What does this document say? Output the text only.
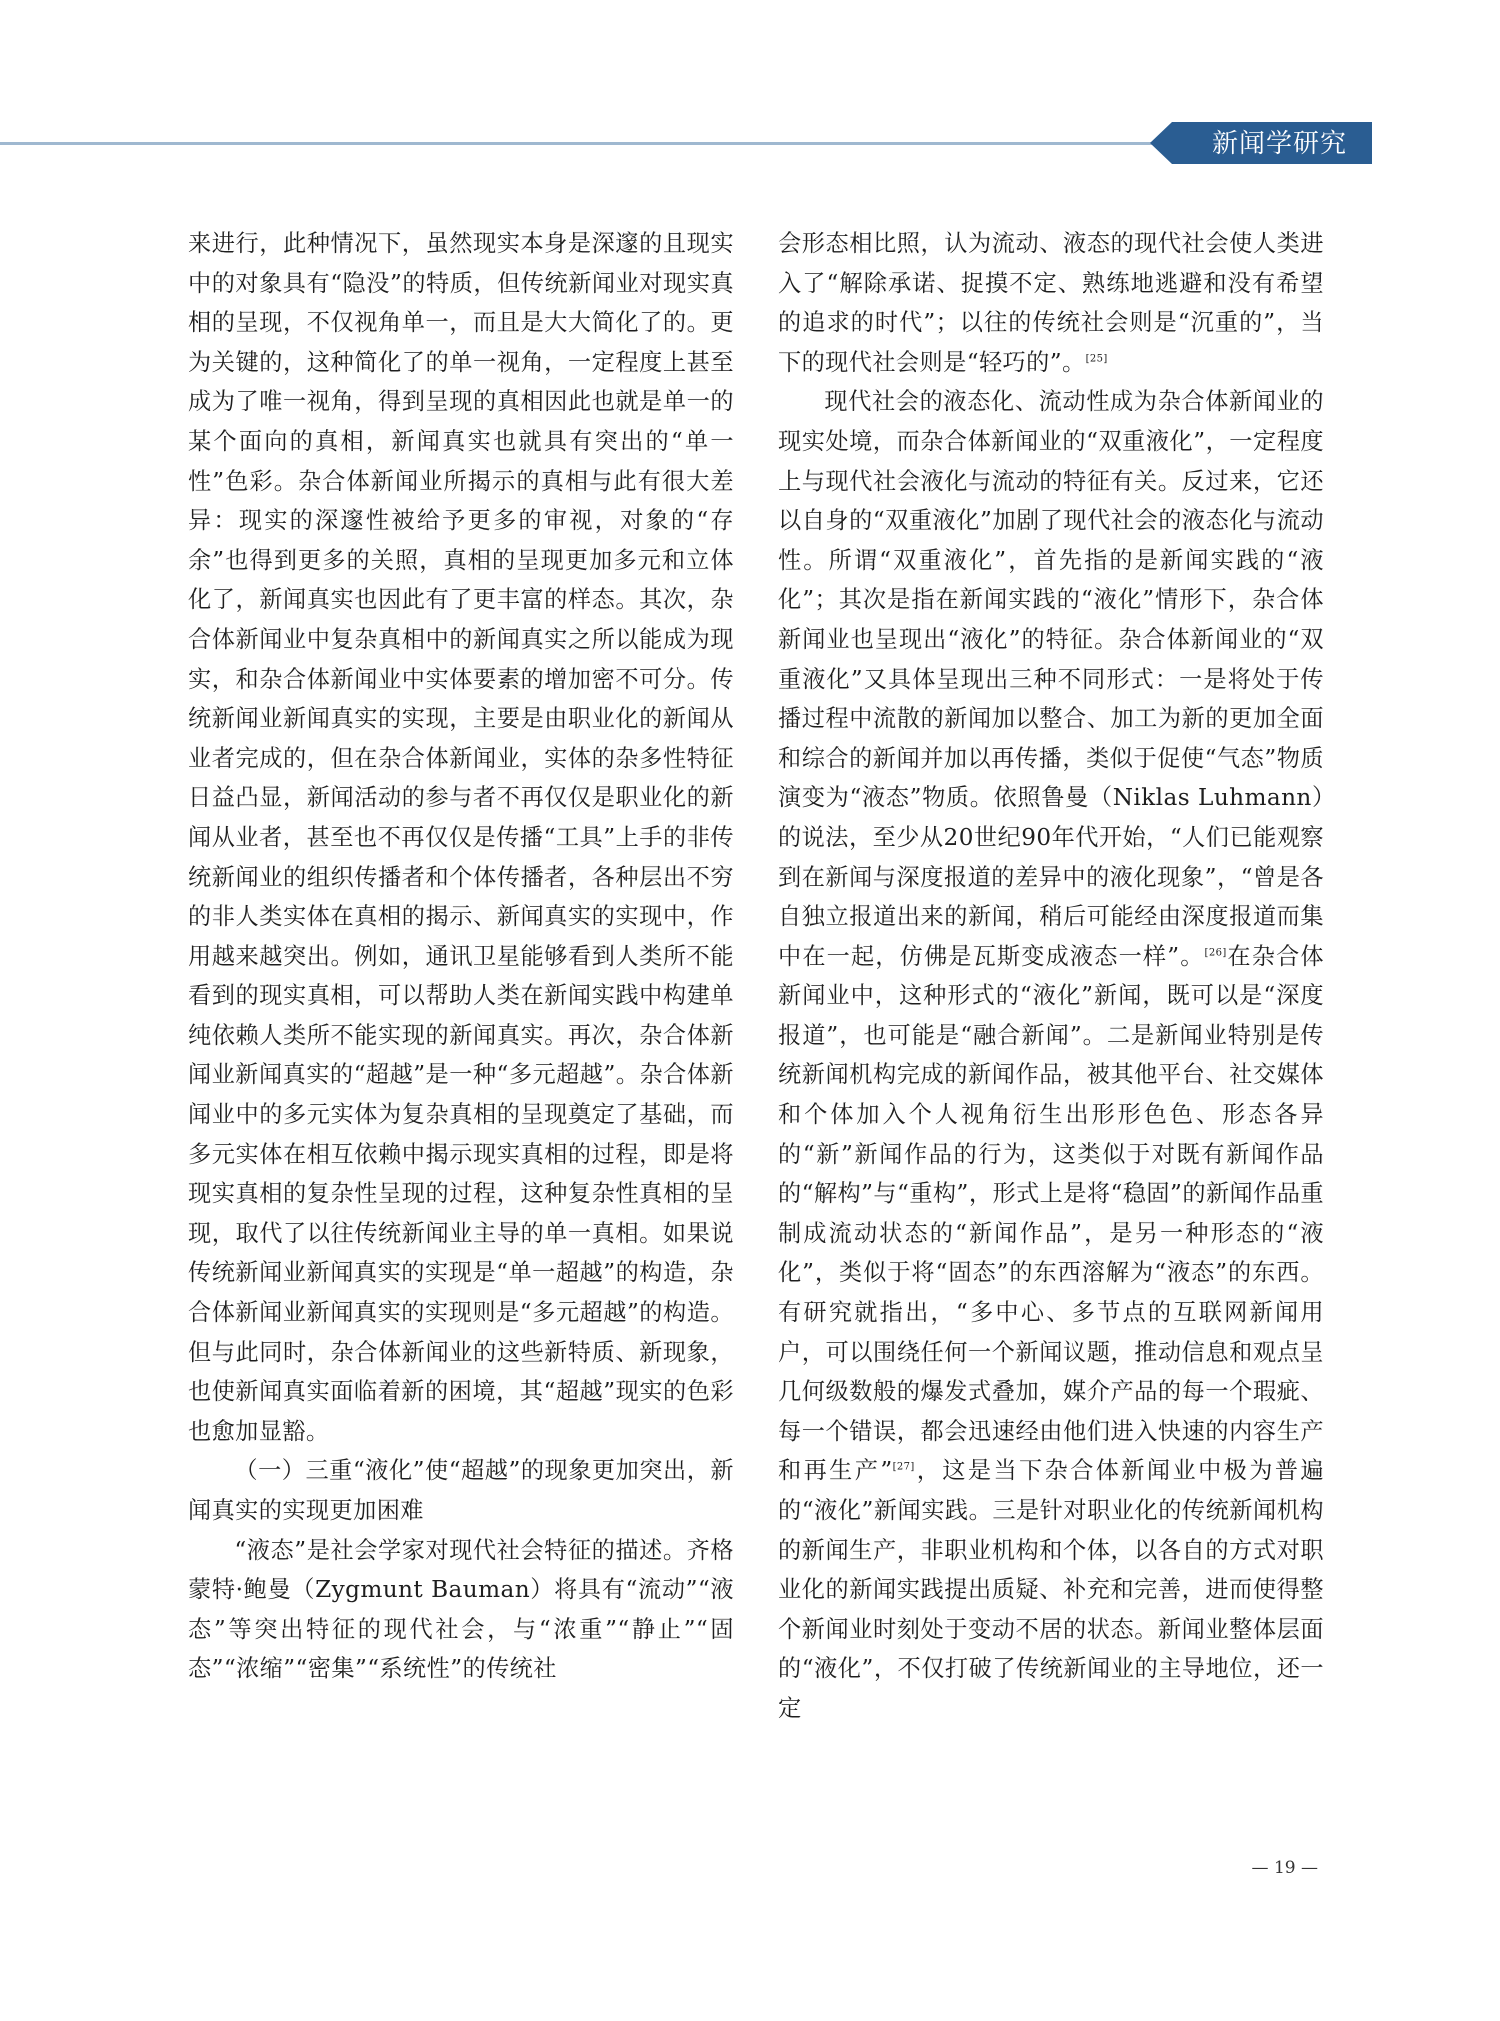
新闻学研究

来进行，此种情况下，虽然现实本身是深邃的且现实中的对象具有“隐没”的特质，但传统新闻业对现实真相的呈现，不仅视角单一，而且是大大简化了的。更为关键的，这种简化了的单一视角，一定程度上甚至成为了唯一视角，得到呈现的真相因此也就是单一的某个面向的真相，新闻真实也就具有突出的“单一性”色彩。杂合体新闻业所揭示的真相与此有很大差异：现实的深邃性被给予更多的审视，对象的“存余”也得到更多的关照，真相的呈现更加多元和立体化了，新闻真实也因此有了更丰富的样态。其次，杂合体新闻业中复杂真相中的新闻真实之所以能成为现实，和杂合体新闻业中实体要素的增加密不可分。传统新闻业新闻真实的实现，主要是由职业化的新闻从业者完成的，但在杂合体新闻业，实体的杂多性特征日益凸显，新闻活动的参与者不再仅仅是职业化的新闻从业者，甚至也不再仅仅是传播“工具”上手的非传统新闻业的组织传播者和个体传播者，各种层出不穷的非人类实体在真相的揭示、新闻真实的实现中，作用越来越突出。例如，通讯卫星能够看到人类所不能看到的现实真相，可以帮助人类在新闻实践中构建单纯依赖人类所不能实现的新闻真实。再次，杂合体新闻业新闻真实的“超越”是一种“多元超越”。杂合体新闻业中的多元实体为复杂真相的呈现奠定了基础，而多元实体在相互依赖中揭示现实真相的过程，即是将现实真相的复杂性呈现的过程，这种复杂性真相的呈现，取代了以往传统新闻业主导的单一真相。如果说传统新闻业新闻真实的实现是“单一超越”的构造，杂合体新闻业新闻真实的实现则是“多元超越”的构造。但与此同时，杂合体新闻业的这些新特质、新现象，也使新闻真实面临着新的困境，其“超越”现实的色彩也愈加显豁。

（一）三重“液化”使“超越”的现象更加突出，新闻真实的实现更加困难

“液态”是社会学家对现代社会特征的描述。齐格蒙特·鲍曼（Zygmunt Bauman）将具有“流动”“液态”等突出特征的现代社会，与“浓重”“静止”“固态”“浓缩”“密集”“系统性”的传统社

会形态相比照，认为流动、液态的现代社会使人类进入了“解除承诺、捉摸不定、熟练地逃避和没有希望的追求的时代”；以往的传统社会则是“沉重的”，当下的现代社会则是“轻巧的”。[25]

现代社会的液态化、流动性成为杂合体新闻业的现实处境，而杂合体新闻业的“双重液化”，一定程度上与现代社会液化与流动的特征有关。反过来，它还以自身的“双重液化”加剧了现代社会的液态化与流动性。所谓“双重液化”，首先指的是新闻实践的“液化”；其次是指在新闻实践的“液化”情形下，杂合体新闻业也呈现出“液化”的特征。杂合体新闻业的“双重液化”又具体呈现出三种不同形式：一是将处于传播过程中流散的新闻加以整合、加工为新的更加全面和综合的新闻并加以再传播，类似于促使“气态”物质演变为“液态”物质。依照鲁曼（Niklas Luhmann）的说法，至少从20世纪90年代开始，“人们已能观察到在新闻与深度报道的差异中的液化现象”，“曾是各自独立报道出来的新闻，稍后可能经由深度报道而集中在一起，仿佛是瓦斯变成液态一样”。[26]在杂合体新闻业中，这种形式的“液化”新闻，既可以是“深度报道”，也可能是“融合新闻”。二是新闻业特别是传统新闻机构完成的新闻作品，被其他平台、社交媒体和个体加入个人视角衍生出形形色色、形态各异的“新”新闻作品的行为，这类似于对既有新闻作品的“解构”与“重构”，形式上是将“稳固”的新闻作品重制成流动状态的“新闻作品”，是另一种形态的“液化”，类似于将“固态”的东西溶解为“液态”的东西。有研究就指出，“多中心、多节点的互联网新闻用户，可以围绕任何一个新闻议题，推动信息和观点呈几何级数般的爆发式叠加，媒介产品的每一个瑕疵、每一个错误，都会迅速经由他们进入快速的内容生产和再生产”[27]，这是当下杂合体新闻业中极为普遍的“液化”新闻实践。三是针对职业化的传统新闻机构的新闻生产，非职业机构和个体，以各自的方式对职业化的新闻实践提出质疑、补充和完善，进而使得整个新闻业时刻处于变动不居的状态。新闻业整体层面的“液化”，不仅打破了传统新闻业的主导地位，还一定

— 19 —
